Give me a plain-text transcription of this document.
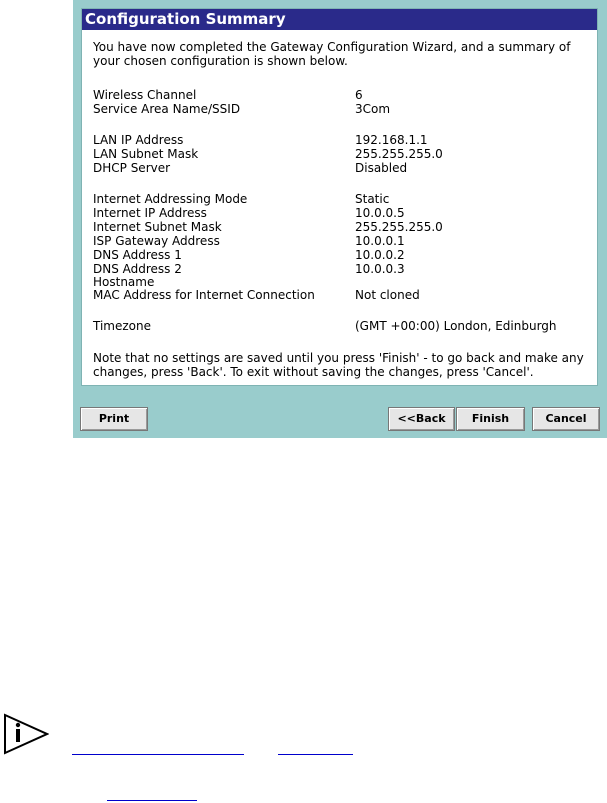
Configuration Summary
You have now completed the Gateway Configuration Wizard, and a summary of your chosen configuration is shown below.
Wireless Channel	6
Service Area Name/SSID	3Com
LAN IP Address	192.168.1.1
LAN Subnet Mask	255.255.255.0
DHCP Server	Disabled
Internet Addressing Mode	Static
Internet IP Address	10.0.0.5
Internet Subnet Mask	255.255.255.0
ISP Gateway Address	10.0.0.1
DNS Address 1	10.0.0.2
DNS Address 2	10.0.0.3
Hostname
MAC Address for Internet Connection	Not cloned
Timezone	(GMT +00:00) London, Edinburgh
Note that no settings are saved until you press 'Finish' - to go back and make any changes, press 'Back'. To exit without saving the changes, press 'Cancel'.
Print	<<Back	Finish	Cancel
